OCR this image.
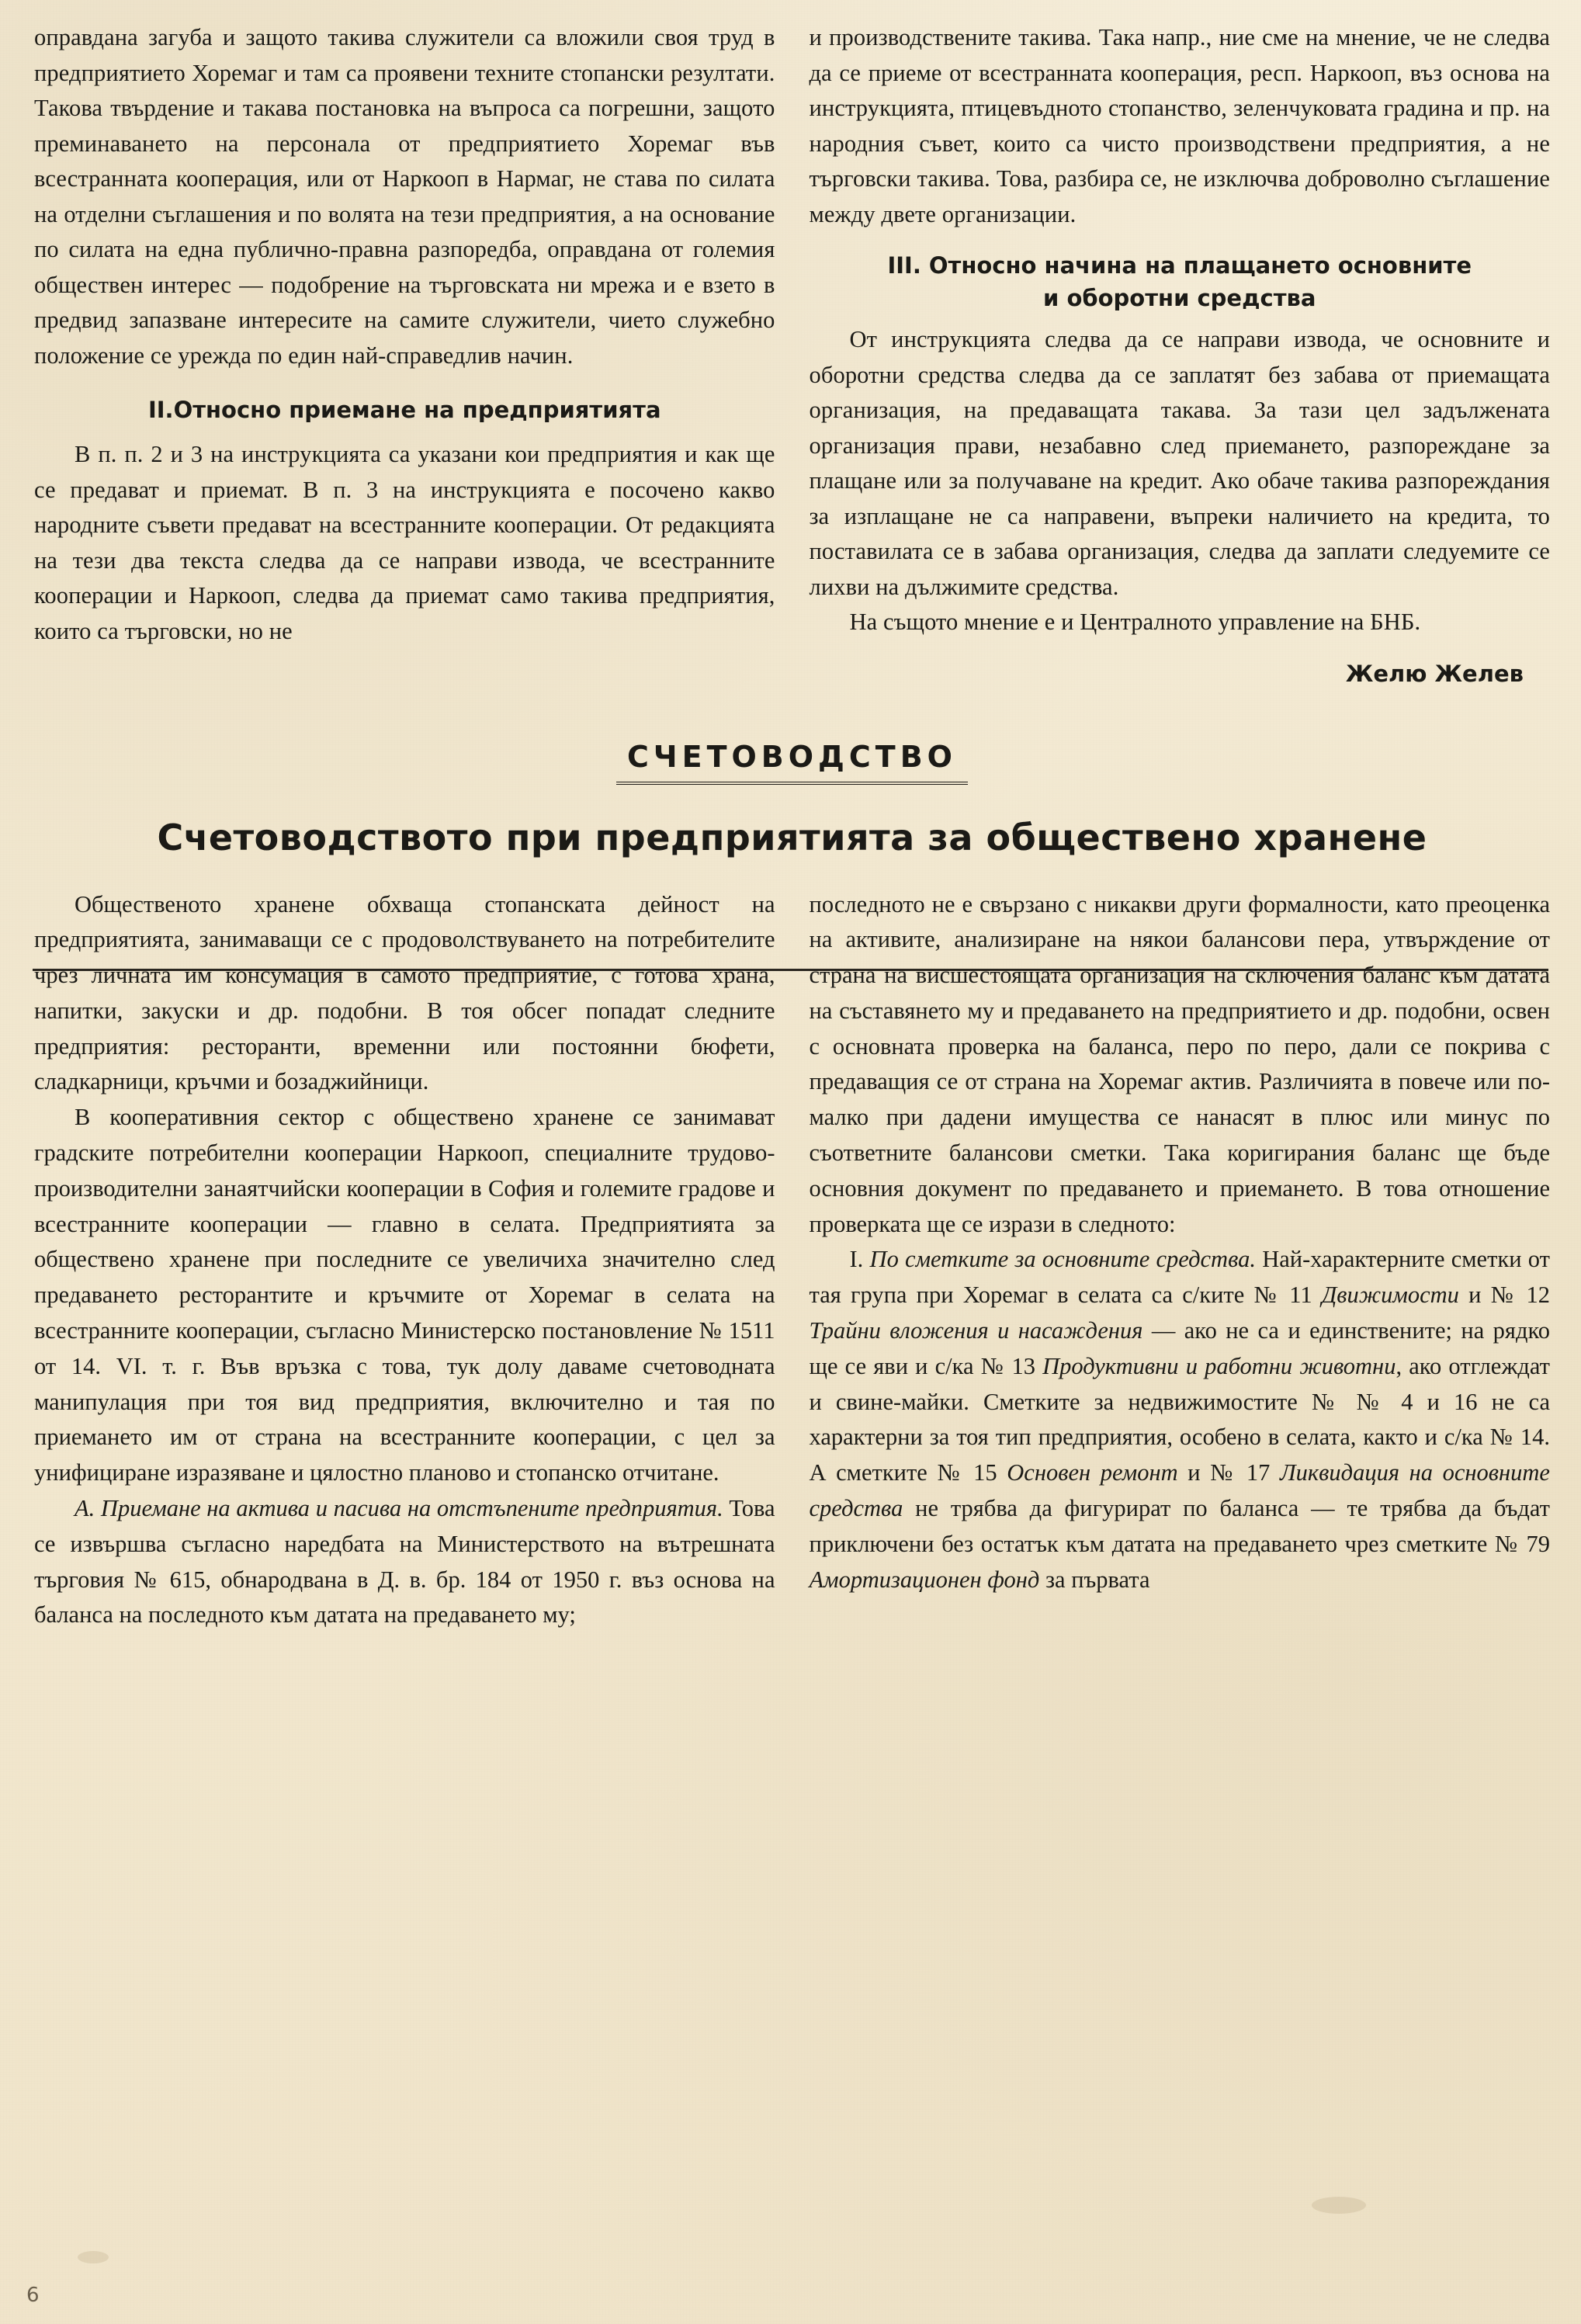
оправдана загуба и защото такива служители са вложили своя труд в предприятието Хоремаг и там са проявени техните стопански резултати. Такова твърдение и такава постановка на въпроса са погрешни, защото преминаването на персонала от предприятието Хоремаг във всестранната кооперация, или от Наркооп в Нармаг, не става по силата на отделни съглашения и по волята на тези предприятия, а на основание по силата на една публично-правна разпоредба, оправдана от големия обществен интерес — подобрение на търговската ни мрежа и е взето в предвид запазване интересите на самите служители, чието служебно положение се урежда по един най-справедлив начин.

II.Относно приемане на предприятията

В п. п. 2 и 3 на инструкцията са указани кои предприятия и как ще се предават и приемат. В п. 3 на инструкцията е посочено какво народните съвети предават на всестранните кооперации. От редакцията на тези два текста следва да се направи извода, че всестранните кооперации и Наркооп, следва да приемат само такива предприятия, които са търговски, но не

и производствените такива. Така напр., ние сме на мнение, че не следва да се приеме от всестранната кооперация, респ. Наркооп, въз основа на инструкцията, птицевъдното стопанство, зеленчуковата градина и пр. на народния съвет, които са чисто производствени предприятия, а не търговски такива. Това, разбира се, не изключва доброволно съглашение между двете организации.

III. Относно начина на плащането основните
и оборотни средства

От инструкцията следва да се направи извода, че основните и оборотни средства следва да се заплатят без забава от приемащата организация, на предаващата такава. За тази цел задължената организация прави, незабавно след приемането, разпореждане за плащане или за получаване на кредит. Ако обаче такива разпореждания за изплащане не са направени, въпреки наличието на кредита, то поставилата се в забава организация, следва да заплати следуемите се лихви на дължимите средства.

На същото мнение е и Централното управление на БНБ.

Желю Желев
СЧЕТОВОДСТВО
Счетоводството при предприятията за обществено хранене

Общественото хранене обхваща стопанската дейност на предприятията, занимаващи се с продоволствуването на потребителите чрез личната им консумация в самото предприятие, с готова храна, напитки, закуски и др. подобни. В тоя обсег попадат следните предприятия: ресторанти, временни или постоянни бюфети, сладкарници, кръчми и бозаджийници.

В кооперативния сектор с обществено хранене се занимават градските потребителни кооперации Наркооп, специалните трудово-производителни занаятчийски кооперации в София и големите градове и всестранните кооперации — главно в селата. Предприятията за обществено хранене при последните се увеличиха значително след предаването ресторантите и кръчмите от Хоремаг в селата на всестранните кооперации, съгласно Министерско постановление № 1511 от 14. VI. т. г. Във връзка с това, тук долу даваме счетоводната манипулация при тоя вид предприятия, включително и тая по приемането им от страна на всестранните кооперации, с цел за унифициране изразяване и цялостно планово и стопанско отчитане.

А. Приемане на актива и пасива на отстъпените предприятия. Това се извършва съгласно наредбата на Министерството на вътрешната търговия № 615, обнародвана в Д. в. бр. 184 от 1950 г. въз основа на баланса на последното към датата на предаването му;

последното не е свързано с никакви други формалности, като преоценка на активите, анализиране на някои балансови пера, утвърждение от страна на висшестоящата организация на сключения баланс към датата на съставянето му и предаването на предприятието и др. подобни, освен с основната проверка на баланса, перо по перо, дали се покрива с предаващия се от страна на Хоремаг актив. Различията в повече или по-малко при дадени имущества се нанасят в плюс или минус по съответните балансови сметки. Така коригирания баланс ще бъде основния документ по предаването и приемането. В това отношение проверката ще се изрази в следното:

I. По сметките за основните средства. Най-характерните сметки от тая група при Хоремаг в селата са с/ките № 11 Движимости и № 12 Трайни вложения и насаждения — ако не са и единствените; на рядко ще се яви и с/ка № 13 Продуктивни и работни животни, ако отглеждат и свине-майки. Сметките за недвижимостите № № 4 и 16 не са характерни за тоя тип предприятия, особено в селата, както и с/ка № 14. А сметките № 15 Основен ремонт и № 17 Ликвидация на основните средства не трябва да фигурират по баланса — те трябва да бъдат приключени без остатък към датата на предаването чрез сметките № 79 Амортизационен фонд за първата

6
